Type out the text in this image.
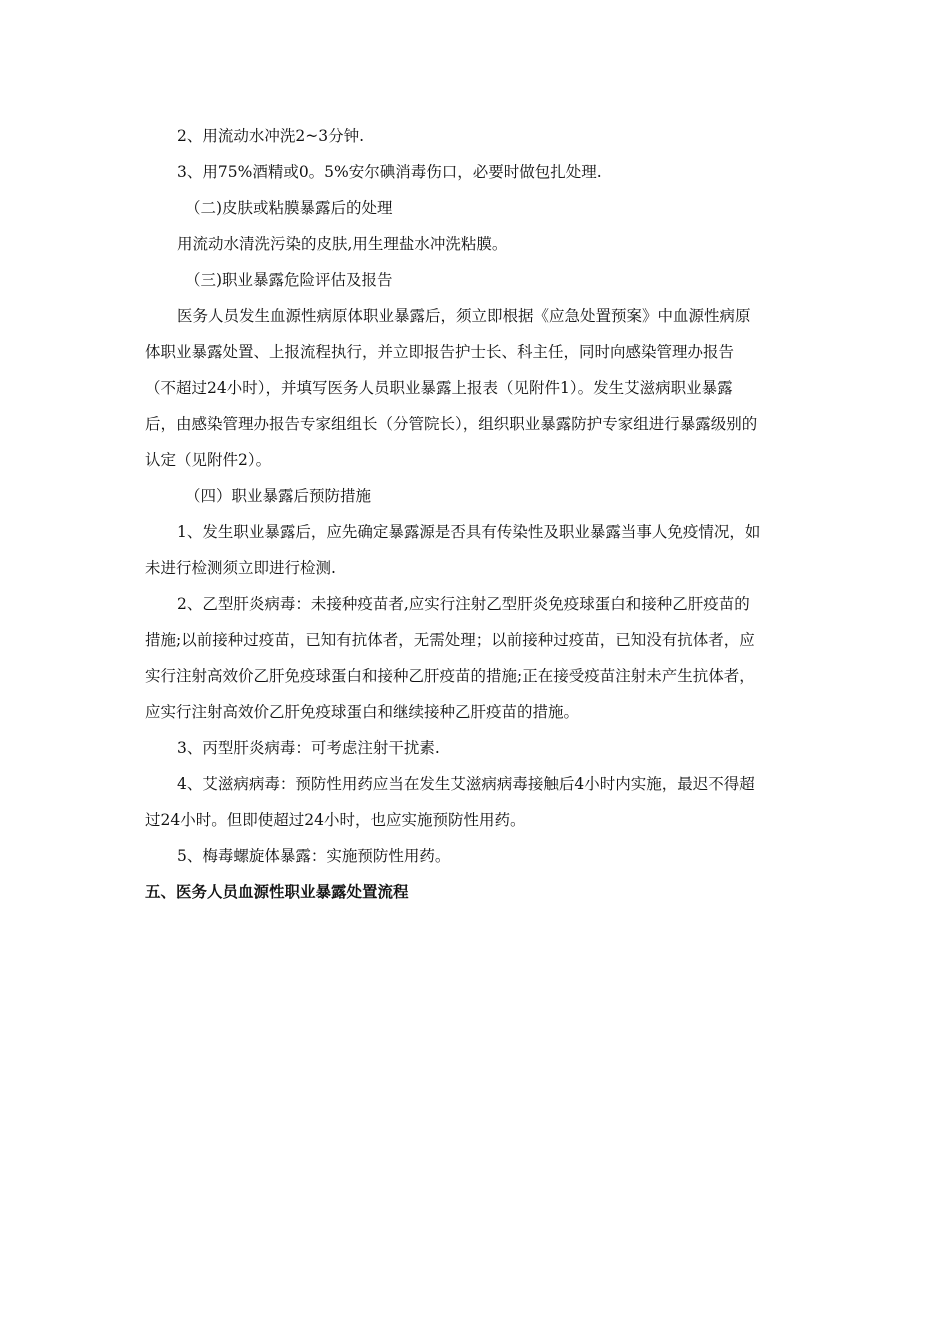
2、用流动水冲洗2~3分钟.
3、用75%酒精或0。5%安尔碘消毒伤口，必要时做包扎处理.
（二)皮肤或粘膜暴露后的处理
用流动水清洗污染的皮肤,用生理盐水冲洗粘膜。
（三)职业暴露危险评估及报告
医务人员发生血源性病原体职业暴露后，须立即根据《应急处置预案》中血源性病原
体职业暴露处置、上报流程执行，并立即报告护士长、科主任，同时向感染管理办报告
（不超过24小时），并填写医务人员职业暴露上报表（见附件1）。发生艾滋病职业暴露
后，由感染管理办报告专家组组长（分管院长），组织职业暴露防护专家组进行暴露级别的
认定（见附件2）。
（四）职业暴露后预防措施
1、发生职业暴露后，应先确定暴露源是否具有传染性及职业暴露当事人免疫情况，如
未进行检测须立即进行检测.
2、乙型肝炎病毒：未接种疫苗者,应实行注射乙型肝炎免疫球蛋白和接种乙肝疫苗的
措施;以前接种过疫苗，已知有抗体者，无需处理；以前接种过疫苗，已知没有抗体者，应
实行注射高效价乙肝免疫球蛋白和接种乙肝疫苗的措施;正在接受疫苗注射未产生抗体者，
应实行注射高效价乙肝免疫球蛋白和继续接种乙肝疫苗的措施。
3、丙型肝炎病毒：可考虑注射干扰素.
4、艾滋病病毒：预防性用药应当在发生艾滋病病毒接触后4小时内实施，最迟不得超
过24小时。但即使超过24小时，也应实施预防性用药。
5、梅毒螺旋体暴露：实施预防性用药。
五、医务人员血源性职业暴露处置流程
